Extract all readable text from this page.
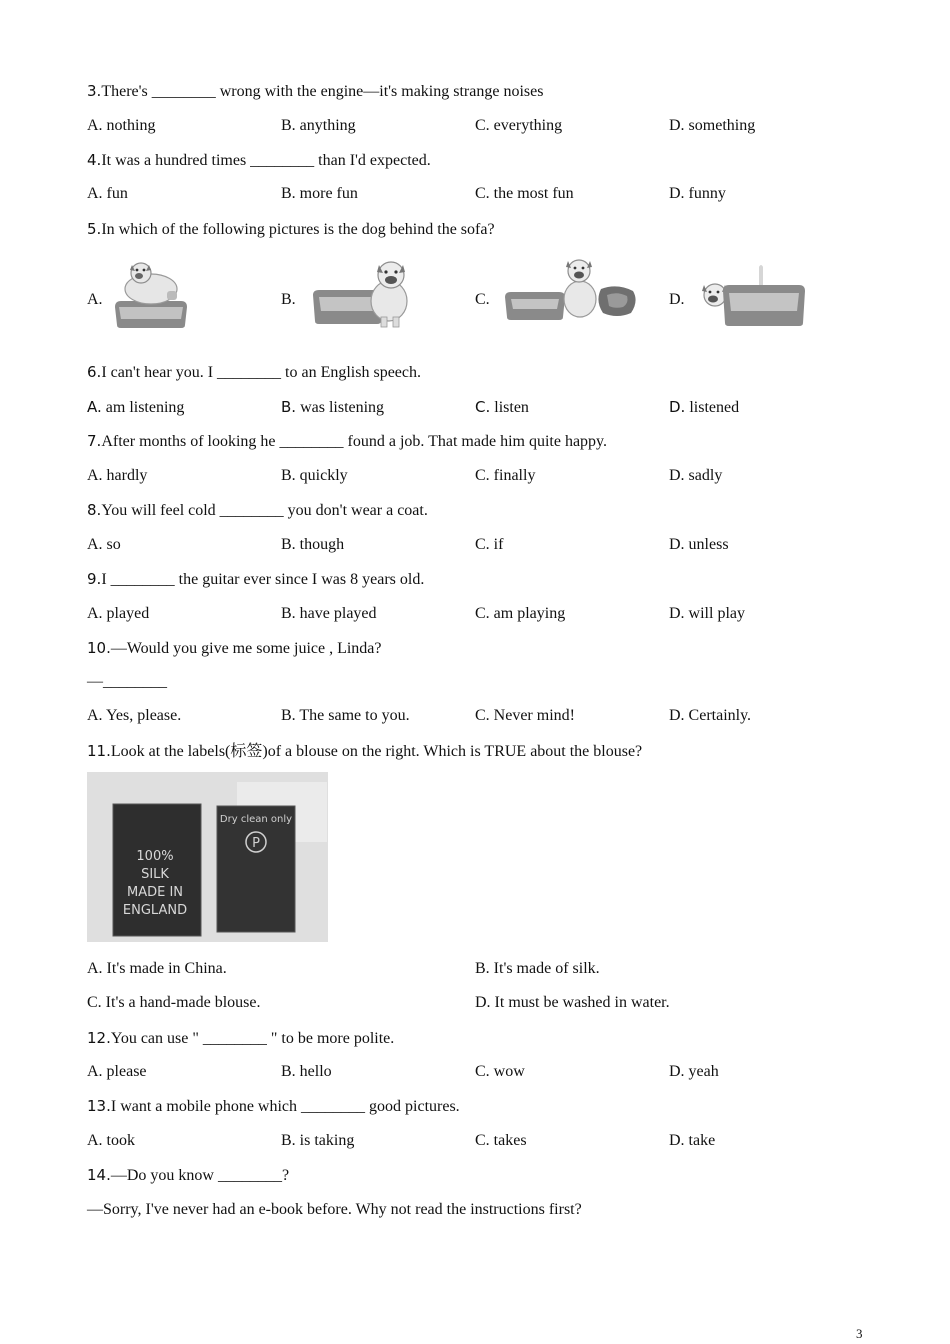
3.There's ________ wrong with the engine—it's making strange noises
A. nothing	B. anything	C. everything	D. something
4.It was a hundred times ________ than I'd expected.
A. fun	B. more fun	C. the most fun	D. funny
5.In which of the following pictures is the dog behind the sofa?
A.	B.	C.	D.
6.I can't hear you. I ________ to an English speech.
A. am listening	B. was listening	C. listen	D. listened
7.After months of looking he ________ found a job. That made him quite happy.
A. hardly	B. quickly	C. finally	D. sadly
8.You will feel cold ________ you don't wear a coat.
A. so	B. though	C. if	D. unless
9.I ________ the guitar ever since I was 8 years old.
A. played	B. have played	C. am playing	D. will play
10.—Would you give me some juice , Linda?
—________
A. Yes, please.	B. The same to you.	C. Never mind!	D. Certainly.
11.Look at the labels(标签)of a blouse on the right. Which is TRUE about the blouse?
100%
SILK
MADE IN
ENGLAND
Dry clean only
P
A. It's made in China.	B. It's made of silk.
C. It's a hand-made blouse.	D. It must be washed in water.
12.You can use " ________ " to be more polite.
A. please	B. hello	C. wow	D. yeah
13.I want a mobile phone which ________ good pictures.
A. took	B. is taking	C. takes	D. take
14.—Do you know ________?
—Sorry, I've never had an e-book before. Why not read the instructions first?
3
